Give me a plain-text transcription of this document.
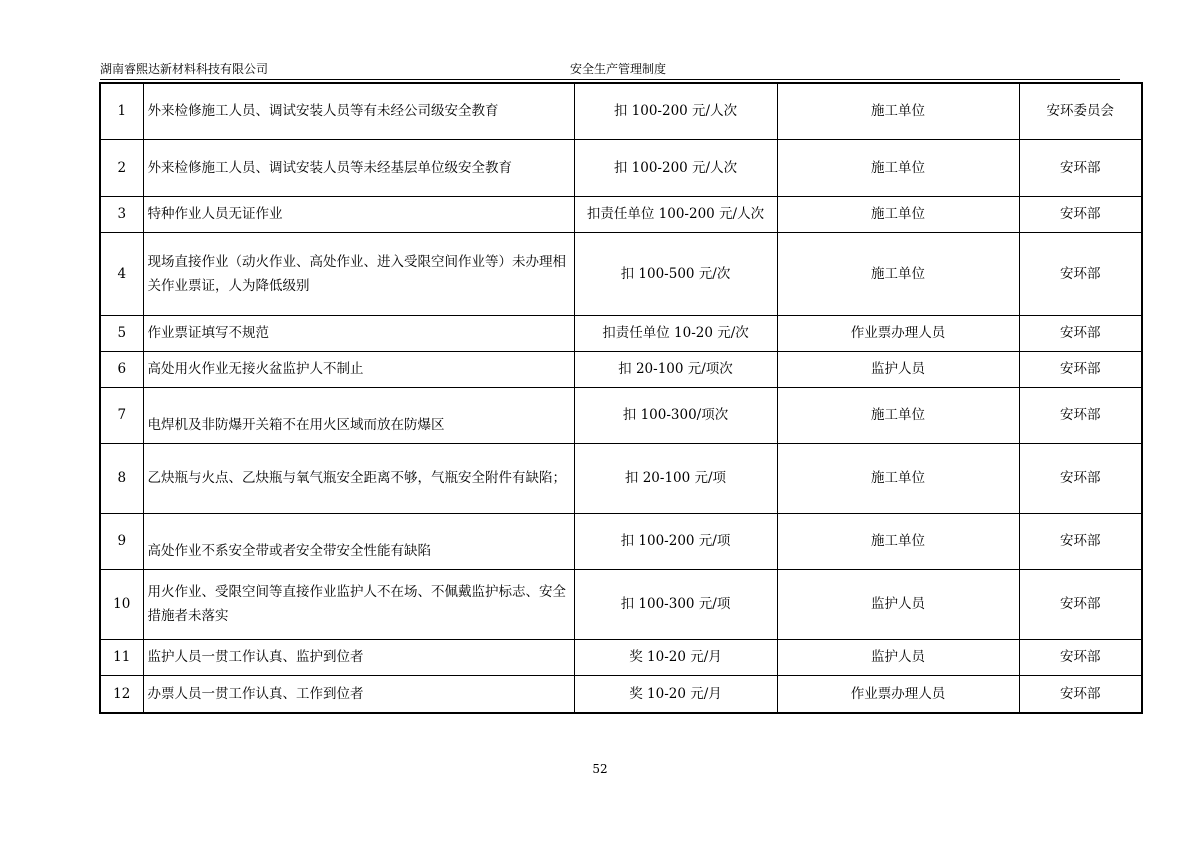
湖南睿熙达新材料科技有限公司	安全生产管理制度
1	外来检修施工人员、调试安装人员等有未经公司级安全教育	扣 100-200 元/人次	施工单位	安环委员会
2	外来检修施工人员、调试安装人员等未经基层单位级安全教育	扣 100-200 元/人次	施工单位	安环部
3	特种作业人员无证作业	扣责任单位 100-200 元/人次	施工单位	安环部
4	现场直接作业（动火作业、高处作业、进入受限空间作业等）未办理相关作业票证，人为降低级别	扣 100-500 元/次	施工单位	安环部
5	作业票证填写不规范	扣责任单位 10-20 元/次	作业票办理人员	安环部
6	高处用火作业无接火盆监护人不制止	扣 20-100 元/项次	监护人员	安环部
7	电焊机及非防爆开关箱不在用火区域而放在防爆区	扣 100-300/项次	施工单位	安环部
8	乙炔瓶与火点、乙炔瓶与氧气瓶安全距离不够，气瓶安全附件有缺陷；	扣 20-100 元/项	施工单位	安环部
9	高处作业不系安全带或者安全带安全性能有缺陷	扣 100-200 元/项	施工单位	安环部
10	用火作业、受限空间等直接作业监护人不在场、不佩戴监护标志、安全措施者未落实	扣 100-300 元/项	监护人员	安环部
11	监护人员一贯工作认真、监护到位者	奖 10-20 元/月	监护人员	安环部
12	办票人员一贯工作认真、工作到位者	奖 10-20 元/月	作业票办理人员	安环部
52
